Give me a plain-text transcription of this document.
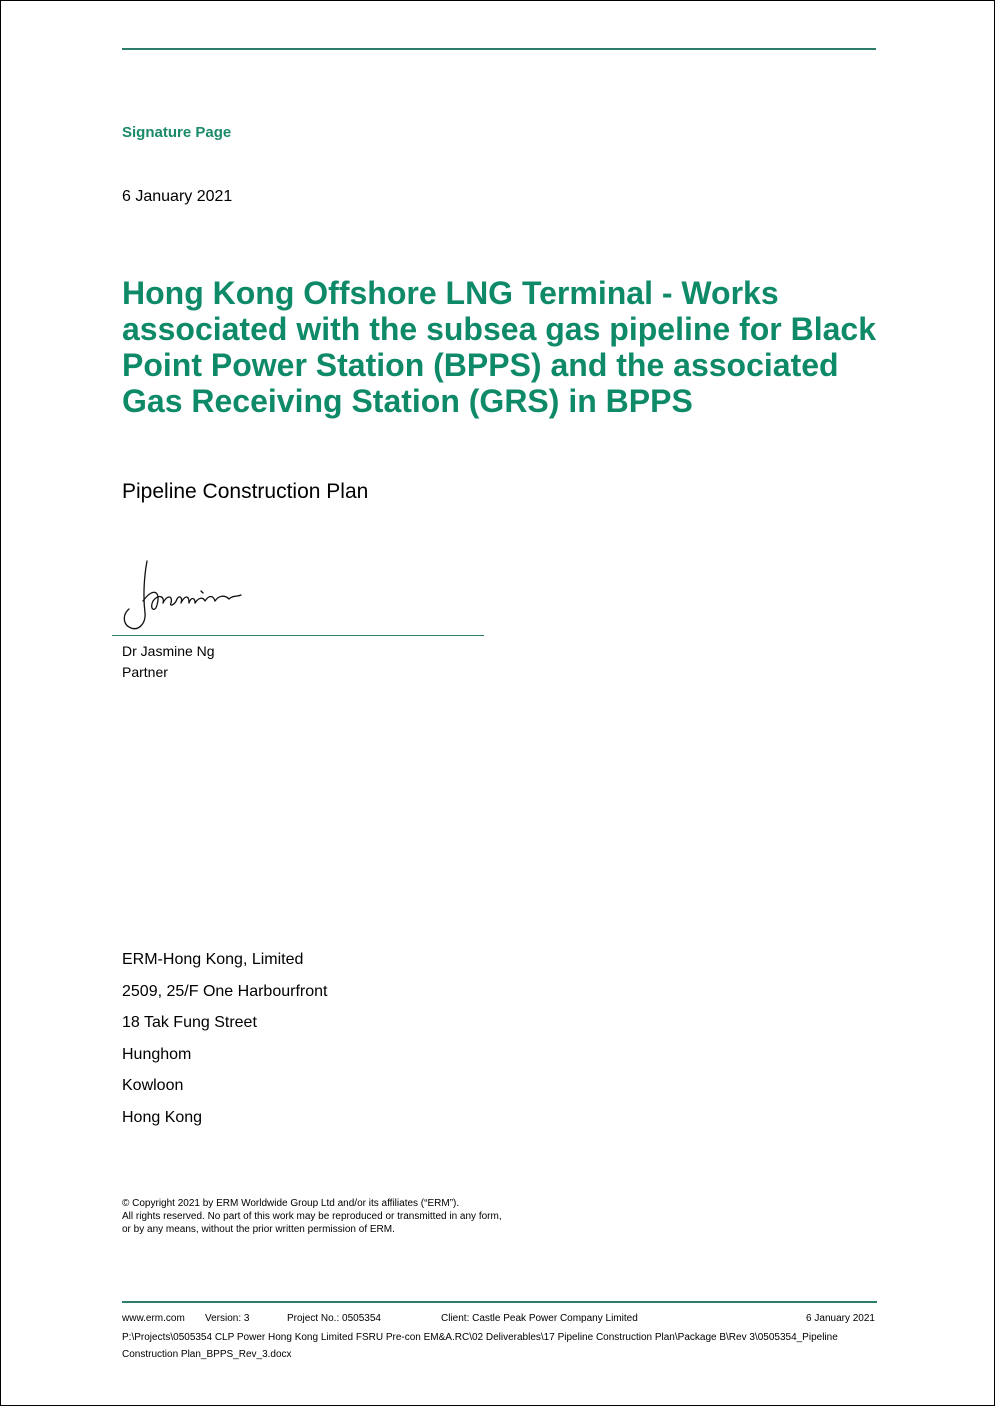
Signature Page
6 January 2021
Hong Kong Offshore LNG Terminal - Works associated with the subsea gas pipeline for Black Point Power Station (BPPS) and the associated Gas Receiving Station (GRS) in BPPS
Pipeline Construction Plan
Dr Jasmine Ng
Partner
ERM-Hong Kong, Limited
2509, 25/F One Harbourfront
18 Tak Fung Street
Hunghom
Kowloon
Hong Kong
© Copyright 2021 by ERM Worldwide Group Ltd and/or its affiliates (“ERM”).
All rights reserved. No part of this work may be reproduced or transmitted in any form,
or by any means, without the prior written permission of ERM.
www.erm.com Version: 3	Project No.: 0505354	Client: Castle Peak Power Company Limited	6 January 2021
P:\Projects\0505354 CLP Power Hong Kong Limited FSRU Pre-con EM&A.RC\02 Deliverables\17 Pipeline Construction Plan\Package B\Rev 3\0505354_Pipeline Construction Plan_BPPS_Rev_3.docx
